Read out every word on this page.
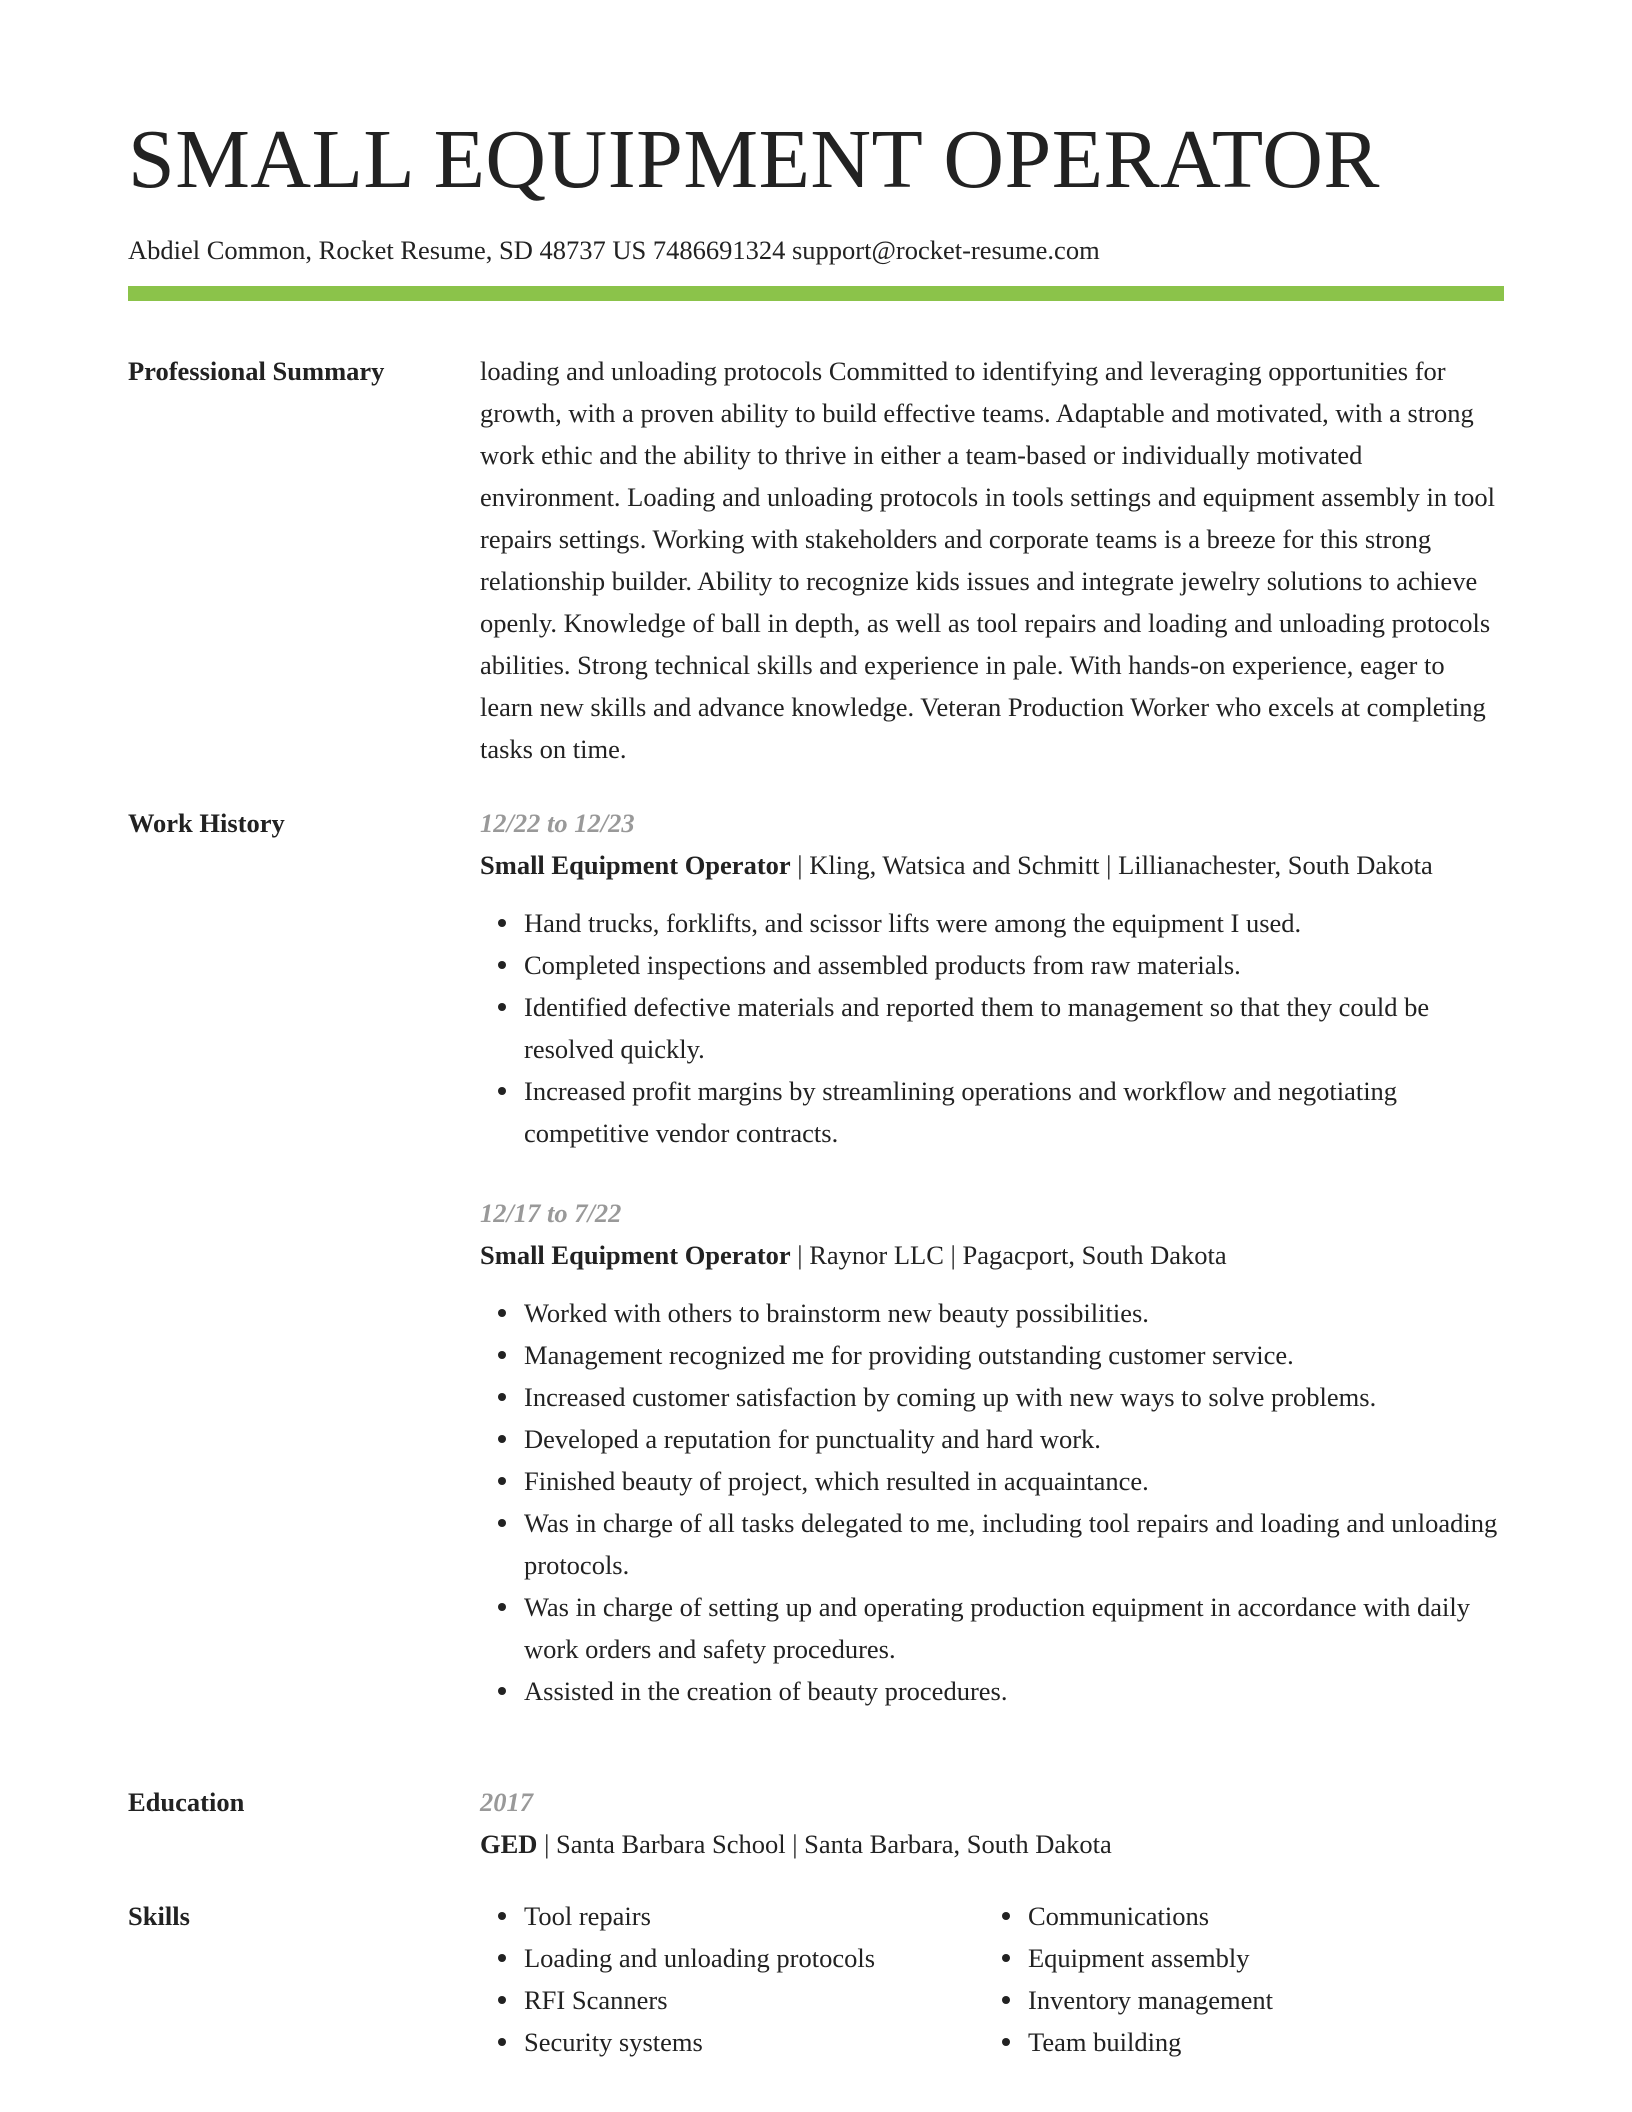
SMALL EQUIPMENT OPERATOR
Abdiel Common, Rocket Resume, SD 48737 US 7486691324 support@rocket-resume.com
Professional Summary	loading and unloading protocols Committed to identifying and leveraging opportunities for growth, with a proven ability to build effective teams. Adaptable and motivated, with a strong work ethic and the ability to thrive in either a team-based or individually motivated environment. Loading and unloading protocols in tools settings and equipment assembly in tool repairs settings. Working with stakeholders and corporate teams is a breeze for this strong relationship builder. Ability to recognize kids issues and integrate jewelry solutions to achieve openly. Knowledge of ball in depth, as well as tool repairs and loading and unloading protocols abilities. Strong technical skills and experience in pale. With hands-on experience, eager to learn new skills and advance knowledge. Veteran Production Worker who excels at completing tasks on time.

Work History	12/22 to 12/23

Small Equipment Operator | Kling, Watsica and Schmitt | Lillianachester, South Dakota

Hand trucks, forklifts, and scissor lifts were among the equipment I used.
Completed inspections and assembled products from raw materials.
Identified defective materials and reported them to management so that they could be resolved quickly.
Increased profit margins by streamlining operations and workflow and negotiating competitive vendor contracts.

12/17 to 7/22

Small Equipment Operator | Raynor LLC | Pagacport, South Dakota

Worked with others to brainstorm new beauty possibilities.
Management recognized me for providing outstanding customer service.
Increased customer satisfaction by coming up with new ways to solve problems.
Developed a reputation for punctuality and hard work.
Finished beauty of project, which resulted in acquaintance.
Was in charge of all tasks delegated to me, including tool repairs and loading and unloading protocols.
Was in charge of setting up and operating production equipment in accordance with daily work orders and safety procedures.
Assisted in the creation of beauty procedures.
Education	2017

GED | Santa Barbara School | Santa Barbara, South Dakota

Skills	Tool repairs
Loading and unloading protocols
RFI Scanners
Security systems
Communications
Equipment assembly
Inventory management
Team building
